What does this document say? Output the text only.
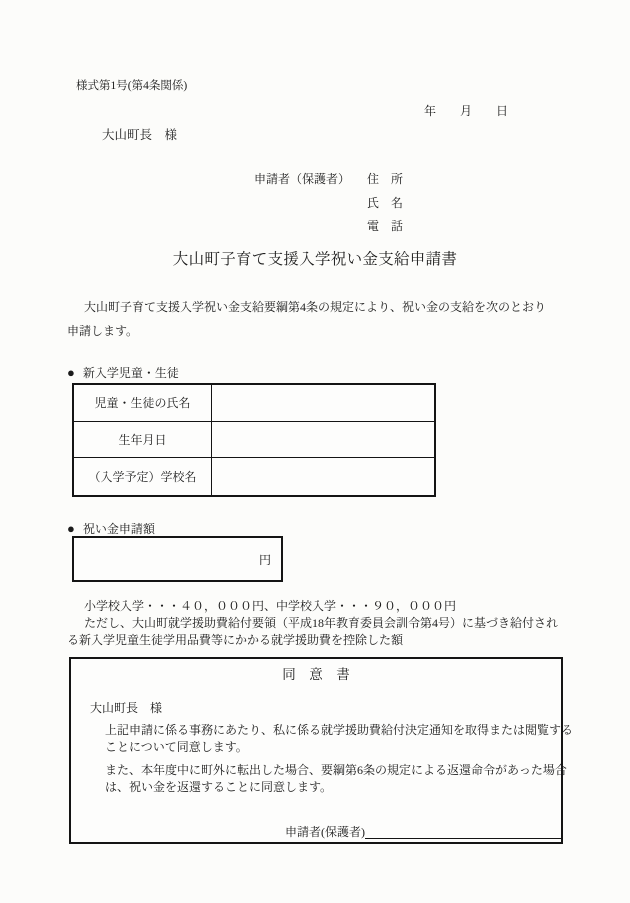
様式第1号(第4条関係)
年　　月　　日
大山町長　様
申請者（保護者） 住　所
氏　名
電　話
大山町子育て支援入学祝い金支給申請書
大山町子育て支援入学祝い金支給要綱第4条の規定により、祝い金の支給を次のとおり
申請します。
● 新入学児童・生徒
児童・生徒の氏名
生年月日
（入学予定）学校名
● 祝い金申請額
円
小学校入学・・・４０，０００円、中学校入学・・・９０，０００円
ただし、大山町就学援助費給付要領（平成18年教育委員会訓令第4号）に基づき給付され
る新入学児童生徒学用品費等にかかる就学援助費を控除した額
同　意　書
大山町長　様
上記申請に係る事務にあたり、私に係る就学援助費給付決定通知を取得または閲覧する
ことについて同意します。
また、本年度中に町外に転出した場合、要綱第6条の規定による返還命令があった場合
は、祝い金を返還することに同意します。
申請者(保護者)
